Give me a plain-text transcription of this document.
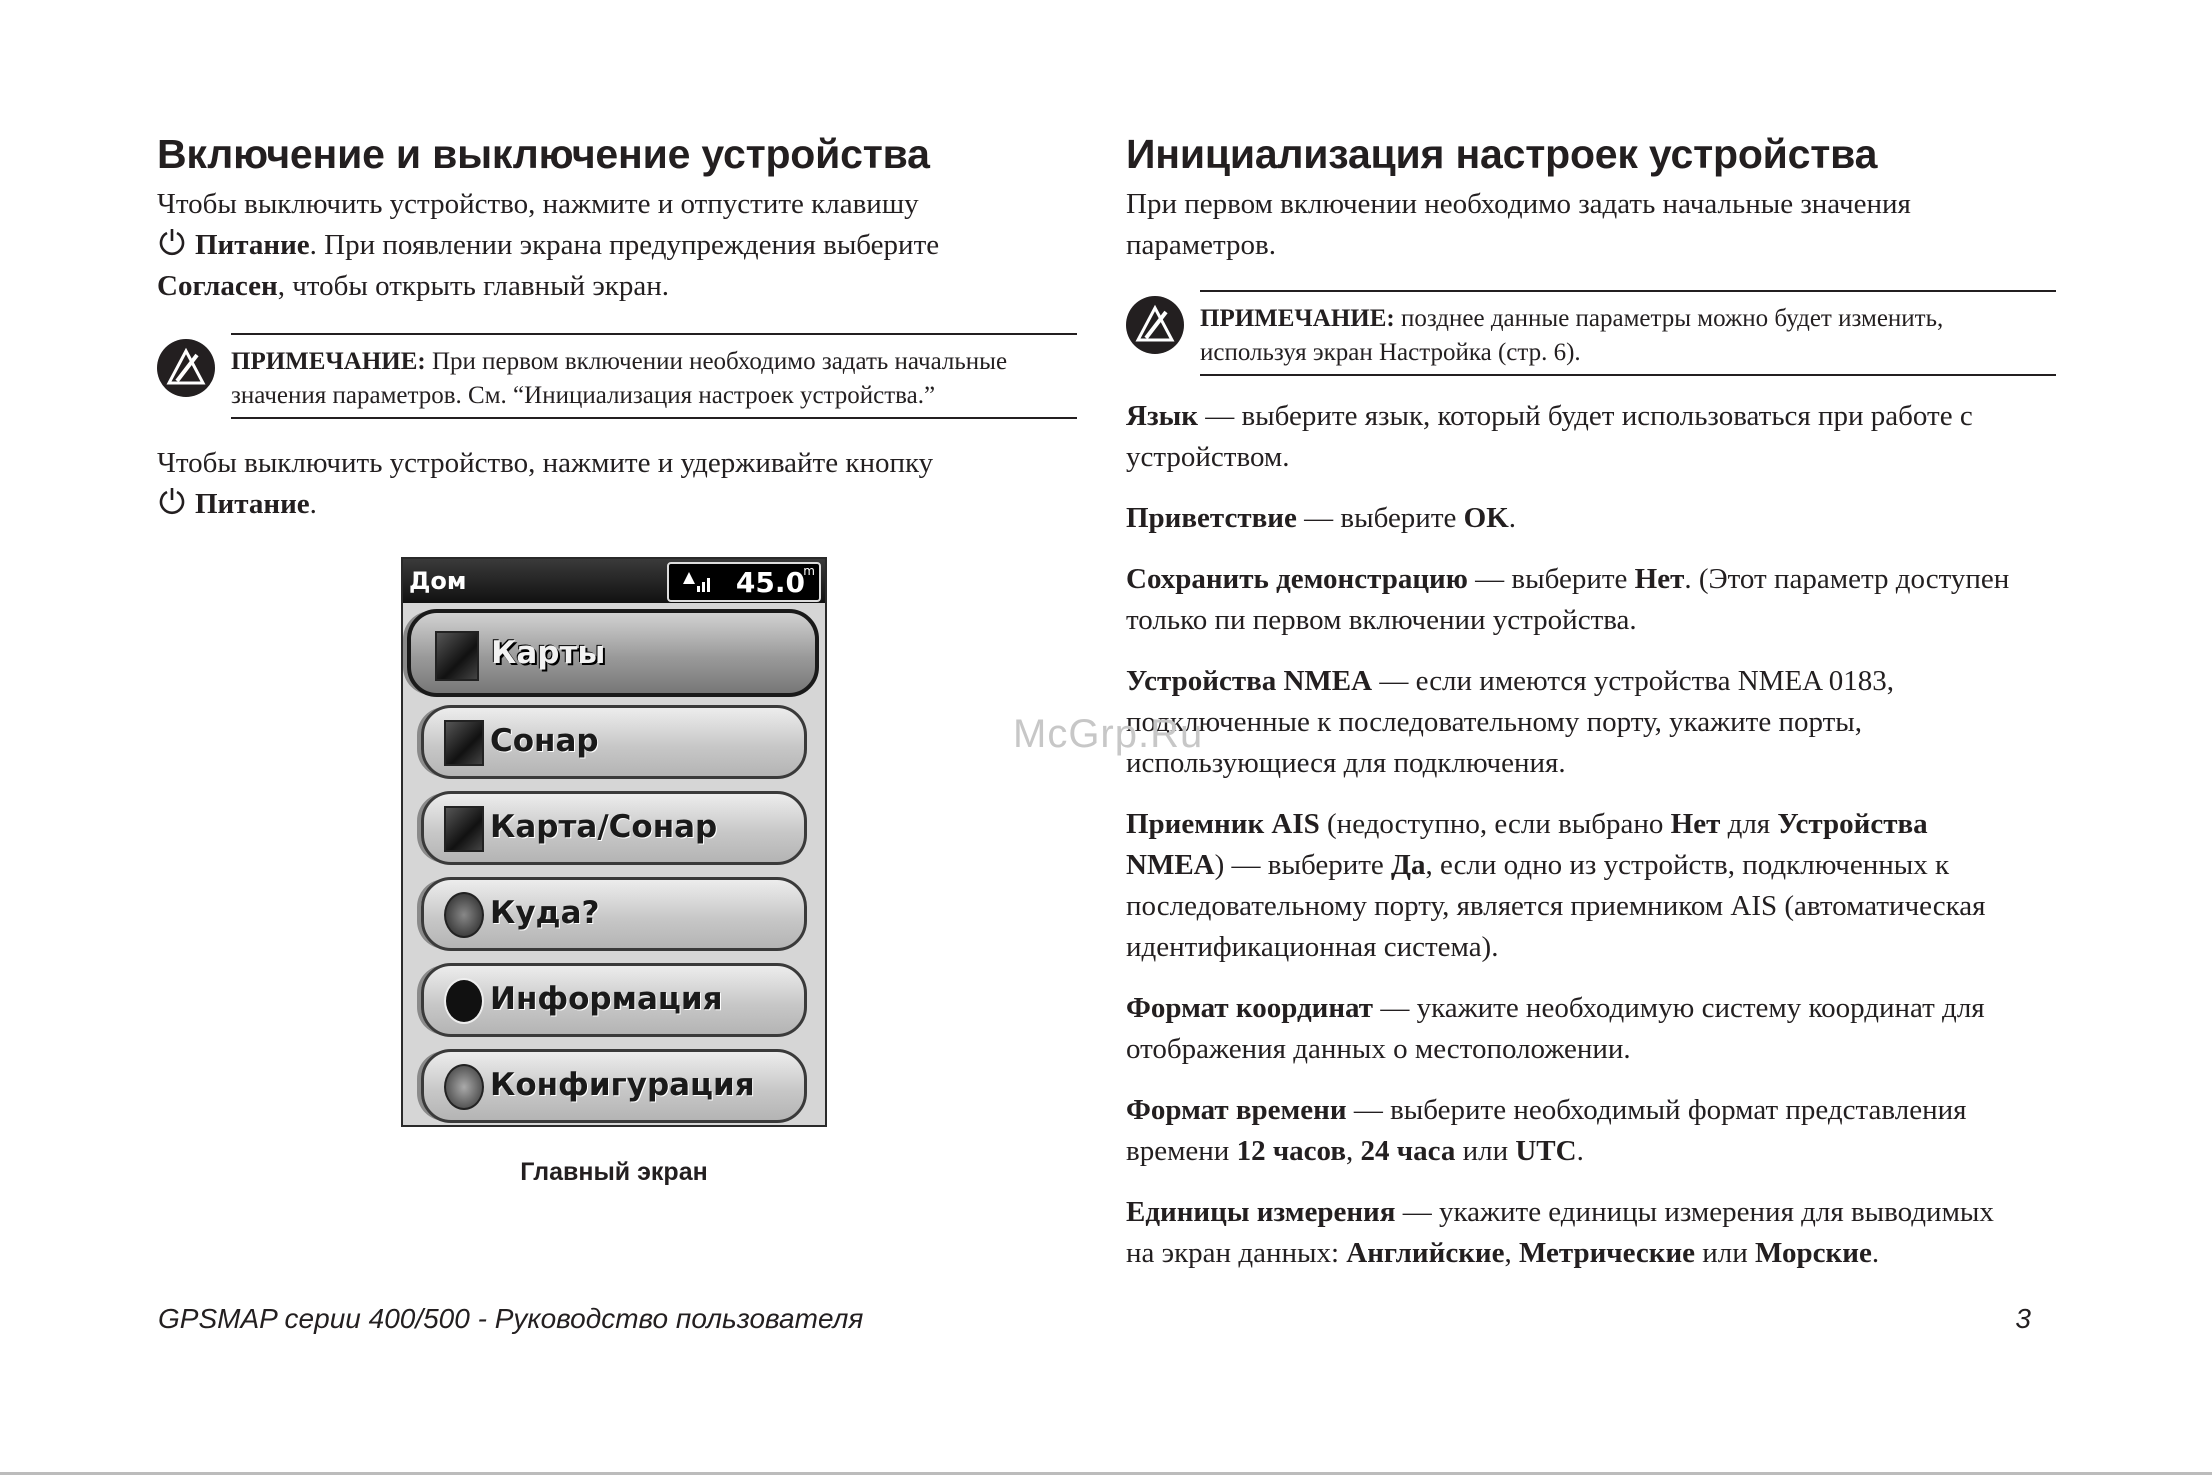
Включение и выключение устройства

Чтобы выключить устройство, нажмите и отпустите клавишу
Питание. При появлении экрана предупреждения выберите
Согласен, чтобы открыть главный экран.

ПРИМЕЧАНИЕ: При первом включении необходимо задать начальные значения параметров. См. “Инициализация настроек устройства.”

Чтобы выключить устройство, нажмите и удерживайте кнопку
Питание.

Дом	45.0
m
Карты
Сонар
Карта/Сонар
Куда?
Информация
Конфигурация
Главный экран
Инициализация настроек устройства

При первом включении необходимо задать начальные значения параметров.

ПРИМЕЧАНИЕ: позднее данные параметры можно будет изменить, используя экран Настройка (стр. 6).

Язык — выберите язык, который будет использоваться при работе с устройством.

Приветствие — выберите OK.

Сохранить демонстрацию — выберите Нет. (Этот параметр доступен только пи первом включении устройства.

Устройства NMEA — если имеются устройства NMEA 0183, подключенные к последовательному порту, укажите порты, использующиеся для подключения.

Приемник AIS (недоступно, если выбрано Нет для Устройства NMEA) — выберите Да, если одно из устройств, подключенных к последовательному порту, является приемником AIS (автоматическая идентификационная система).

Формат координат — укажите необходимую систему координат для отображения данных о местоположении.

Формат времени — выберите необходимый формат представления времени 12 часов, 24 часа или UTC.

Единицы измерения — укажите единицы измерения для выводимых на экран данных: Английские, Метрические или Морские.

McGrp.Ru
GPSMAP серии 400/500 - Руководство пользователя	3
